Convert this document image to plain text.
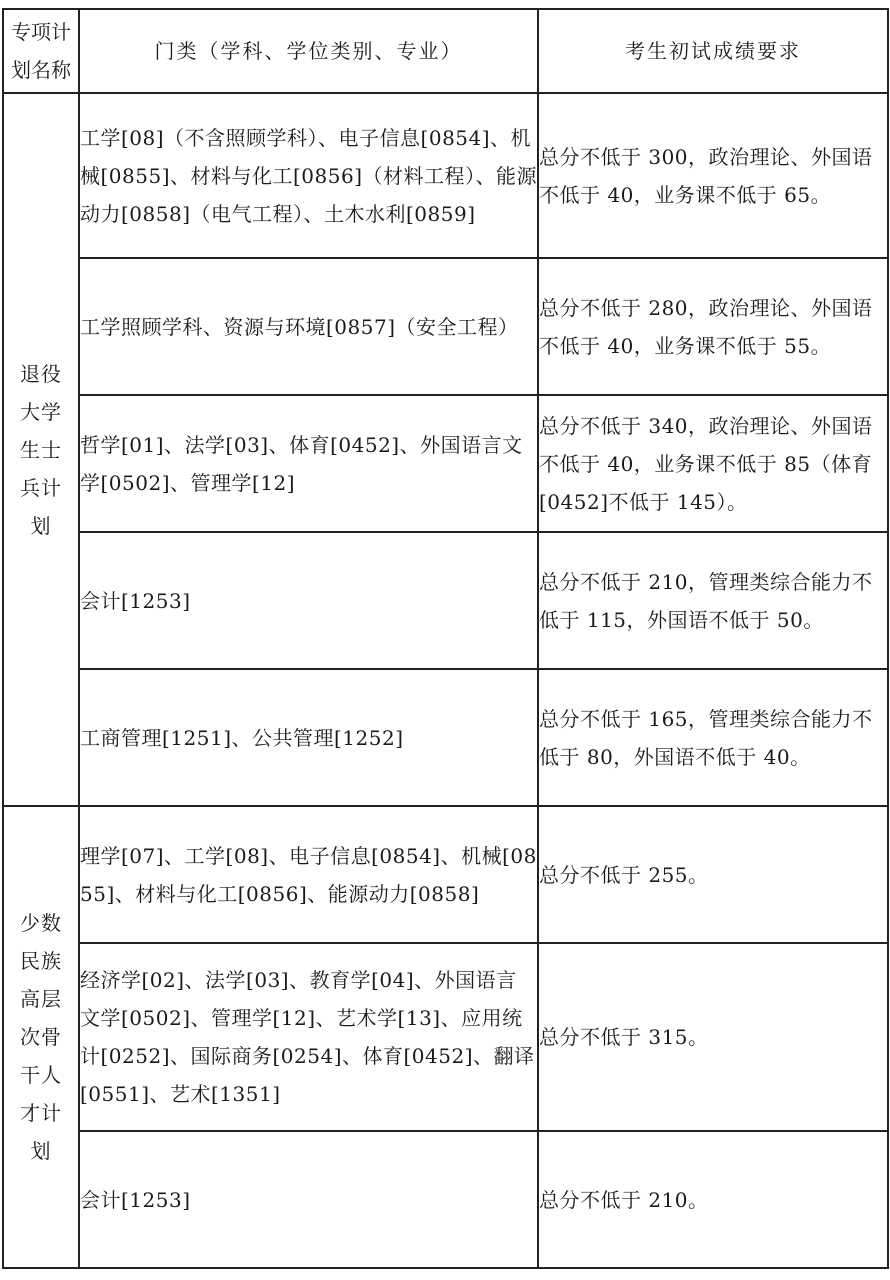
专项计划名称	门类（学科、学位类别、专业）	考生初试成绩要求
退役大学生士兵计划	工学[08]（不含照顾学科）、电子信息[0854]、机械[0855]、材料与化工[0856]（材料工程）、能源动力[0858]（电气工程）、土木水利[0859]	总分不低于 300，政治理论、外国语不低于 40，业务课不低于 65。
	工学照顾学科、资源与环境[0857]（安全工程）	总分不低于 280，政治理论、外国语不低于 40，业务课不低于 55。
	哲学[01]、法学[03]、体育[0452]、外国语言文学[0502]、管理学[12]	总分不低于 340，政治理论、外国语不低于 40，业务课不低于 85（体育[0452]不低于 145）。
	会计[1253]	总分不低于 210，管理类综合能力不低于 115，外国语不低于 50。
	工商管理[1251]、公共管理[1252]	总分不低于 165，管理类综合能力不低于 80，外国语不低于 40。
少数民族高层次骨干人才计划	理学[07]、工学[08]、电子信息[0854]、机械[0855]、材料与化工[0856]、能源动力[0858]	总分不低于 255。
	经济学[02]、法学[03]、教育学[04]、外国语言文学[0502]、管理学[12]、艺术学[13]、应用统计[0252]、国际商务[0254]、体育[0452]、翻译[0551]、艺术[1351]	总分不低于 315。
	会计[1253]	总分不低于 210。
